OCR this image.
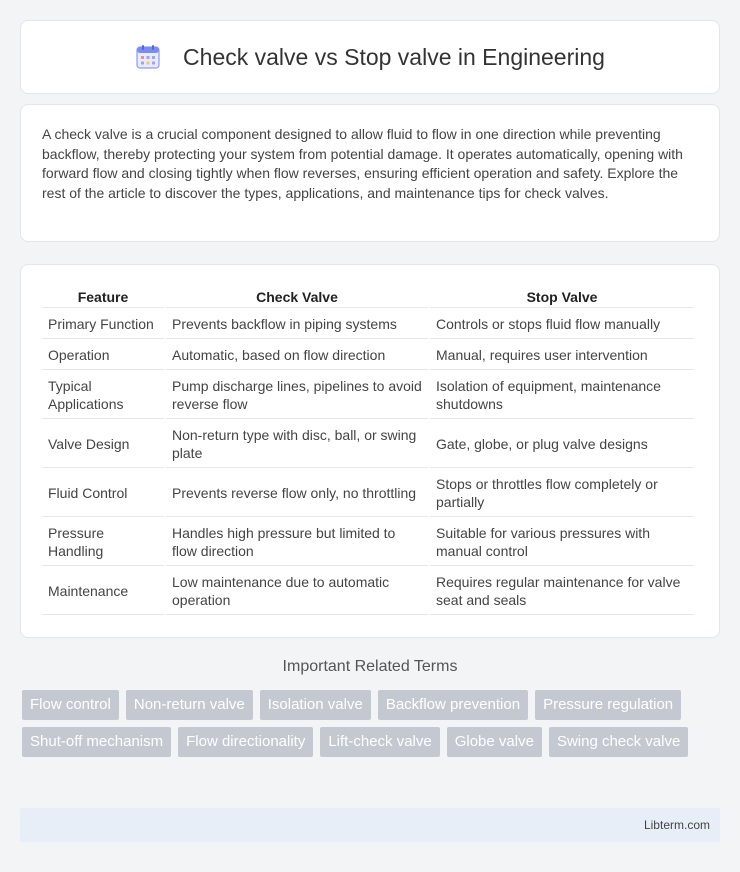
Check valve vs Stop valve in Engineering

A check valve is a crucial component designed to allow fluid to flow in one direction while preventing backflow, thereby protecting your system from potential damage. It operates automatically, opening with forward flow and closing tightly when flow reverses, ensuring efficient operation and safety. Explore the rest of the article to discover the types, applications, and maintenance tips for check valves.

Feature	Check Valve	Stop Valve
Primary Function	Prevents backflow in piping systems	Controls or stops fluid flow manually
Operation	Automatic, based on flow direction	Manual, requires user intervention
Typical Applications	Pump discharge lines, pipelines to avoid reverse flow	Isolation of equipment, maintenance shutdowns
Valve Design	Non-return type with disc, ball, or swing plate	Gate, globe, or plug valve designs
Fluid Control	Prevents reverse flow only, no throttling	Stops or throttles flow completely or partially
Pressure Handling	Handles high pressure but limited to flow direction	Suitable for various pressures with manual control
Maintenance	Low maintenance due to automatic operation	Requires regular maintenance for valve seat and seals
Important Related Terms
Flow control	Non-return valve	Isolation valve	Backflow prevention	Pressure regulation
Shut-off mechanism	Flow directionality	Lift-check valve	Globe valve	Swing check valve
Libterm.com
